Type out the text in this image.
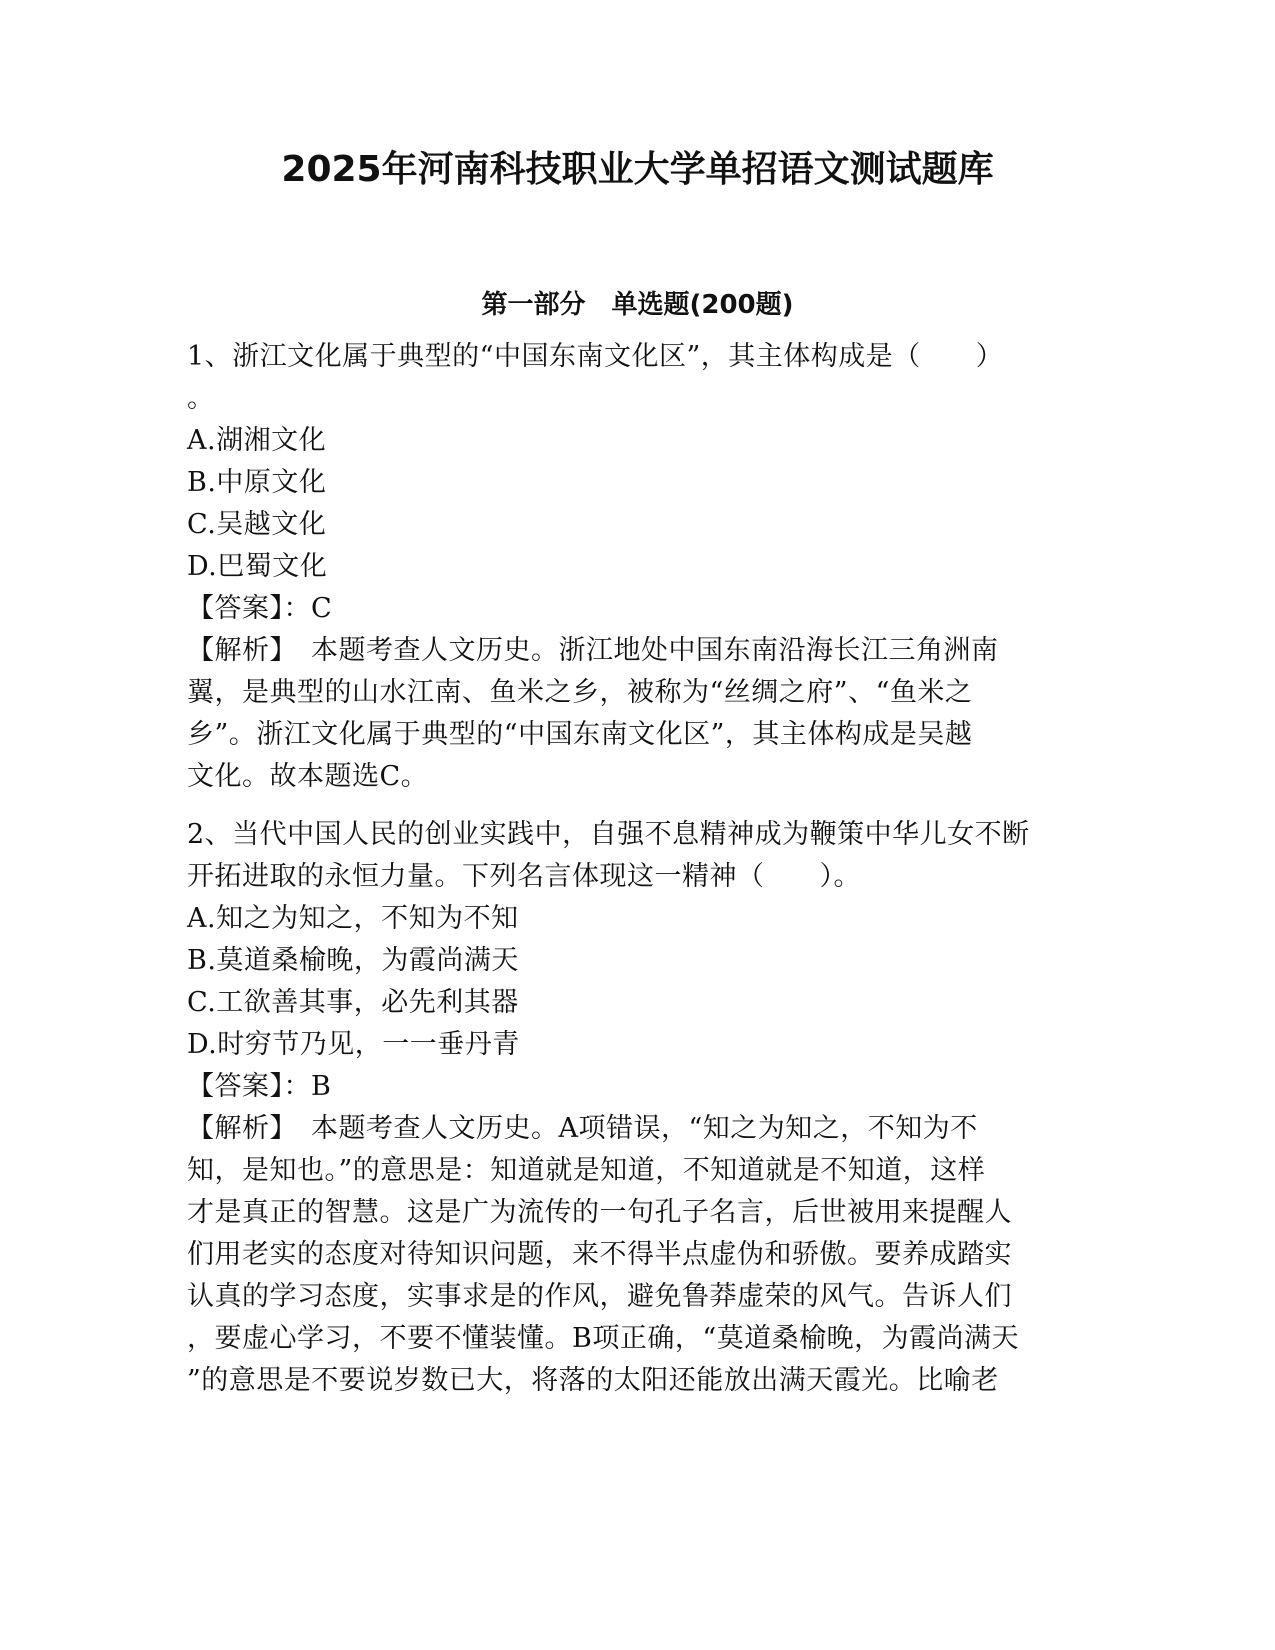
2025年河南科技职业大学单招语文测试题库
第一部分　单选题(200题)
1、浙江文化属于典型的“中国东南文化区”，其主体构成是（　　）
。
A.湖湘文化
B.中原文化
C.吴越文化
D.巴蜀文化
【答案】：C
【解析】　本题考查人文历史。浙江地处中国东南沿海长江三角洲南
翼，是典型的山水江南、鱼米之乡，被称为“丝绸之府”、“鱼米之
乡”。浙江文化属于典型的“中国东南文化区”，其主体构成是吴越
文化。故本题选C。
2、当代中国人民的创业实践中，自强不息精神成为鞭策中华儿女不断
开拓进取的永恒力量。下列名言体现这一精神（　　）。
A.知之为知之，不知为不知
B.莫道桑榆晚，为霞尚满天
C.工欲善其事，必先利其器
D.时穷节乃见，一一垂丹青
【答案】：B
【解析】　本题考查人文历史。A项错误，“知之为知之，不知为不
知，是知也。”的意思是：知道就是知道，不知道就是不知道，这样
才是真正的智慧。这是广为流传的一句孔子名言，后世被用来提醒人
们用老实的态度对待知识问题，来不得半点虚伪和骄傲。要养成踏实
认真的学习态度，实事求是的作风，避免鲁莽虚荣的风气。告诉人们
，要虚心学习，不要不懂装懂。B项正确，“莫道桑榆晚，为霞尚满天
”的意思是不要说岁数已大，将落的太阳还能放出满天霞光。比喻老
